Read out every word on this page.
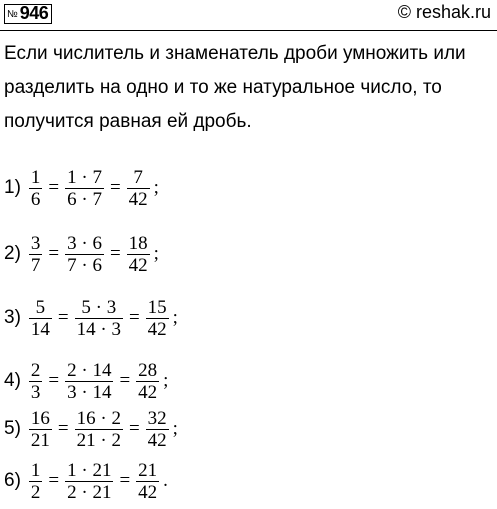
№ 946	© reshak.ru

Если числитель и знаменатель дроби умножить или

разделить на одно и то же натуральное число, то

получится равная ей дробь.

$1) \frac{1}{6} = \frac{1 \cdot 7}{6 \cdot 7} = \frac{7}{42}$ ;
$2) \frac{3}{7} = \frac{3 \cdot 6}{7 \cdot 6} = \frac{18}{42}$ ;
$3) \frac{5}{14} = \frac{5 \cdot 3}{14 \cdot 3} = \frac{15}{42}$ ;
$4) \frac{2}{3} = \frac{2 \cdot 14}{3 \cdot 14} = \frac{28}{42}$ ;
$5) \frac{16}{21} = \frac{16 \cdot 2}{21 \cdot 2} = \frac{32}{42}$ ;
$6) \frac{1}{2} = \frac{1 \cdot 21}{2 \cdot 21} = \frac{21}{42}$ .
